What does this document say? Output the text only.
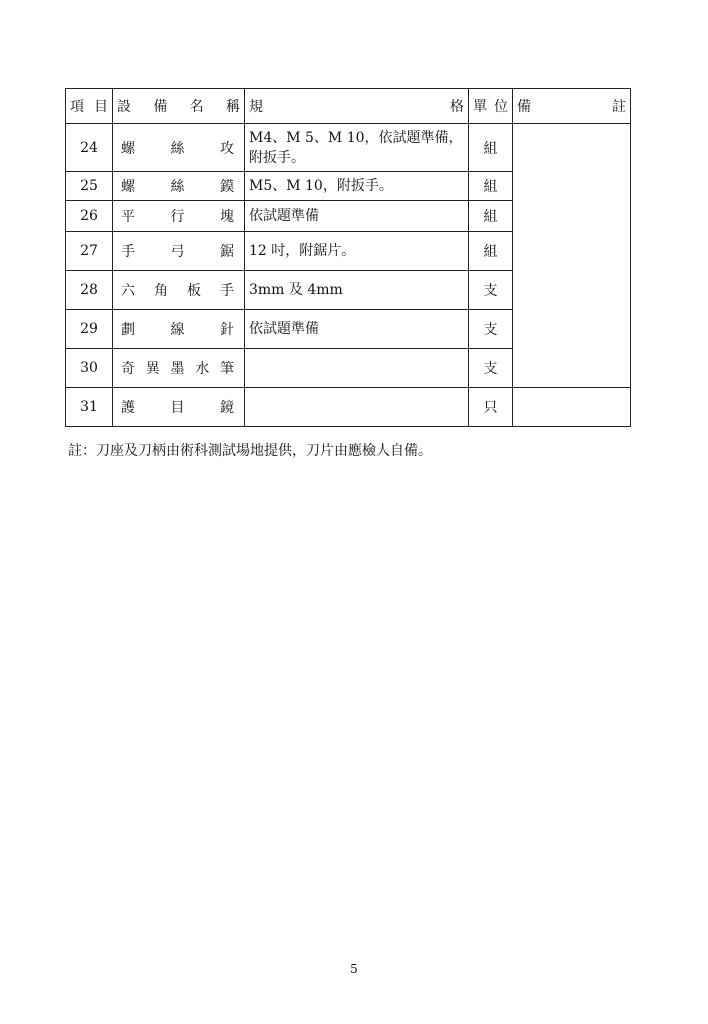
項 目	設 備 名 稱	規 格	單 位	備 註

24	螺 絲 攻	M4、M 5、M 10，依試題準備，附扳手。	組	
25	螺 絲 鏌	M5、M 10，附扳手。	組	
26	平 行 塊	依試題準備	組	
27	手 弓 鋸	12 吋，附鋸片。	組	
28	六 角 板 手	3mm 及 4mm	支	
29	劃 線 針	依試題準備	支	
30	奇 異 墨 水 筆		支	
31	護 目 鏡		只	
註：刀座及刀柄由術科測試場地提供，刀片由應檢人自備。
5
